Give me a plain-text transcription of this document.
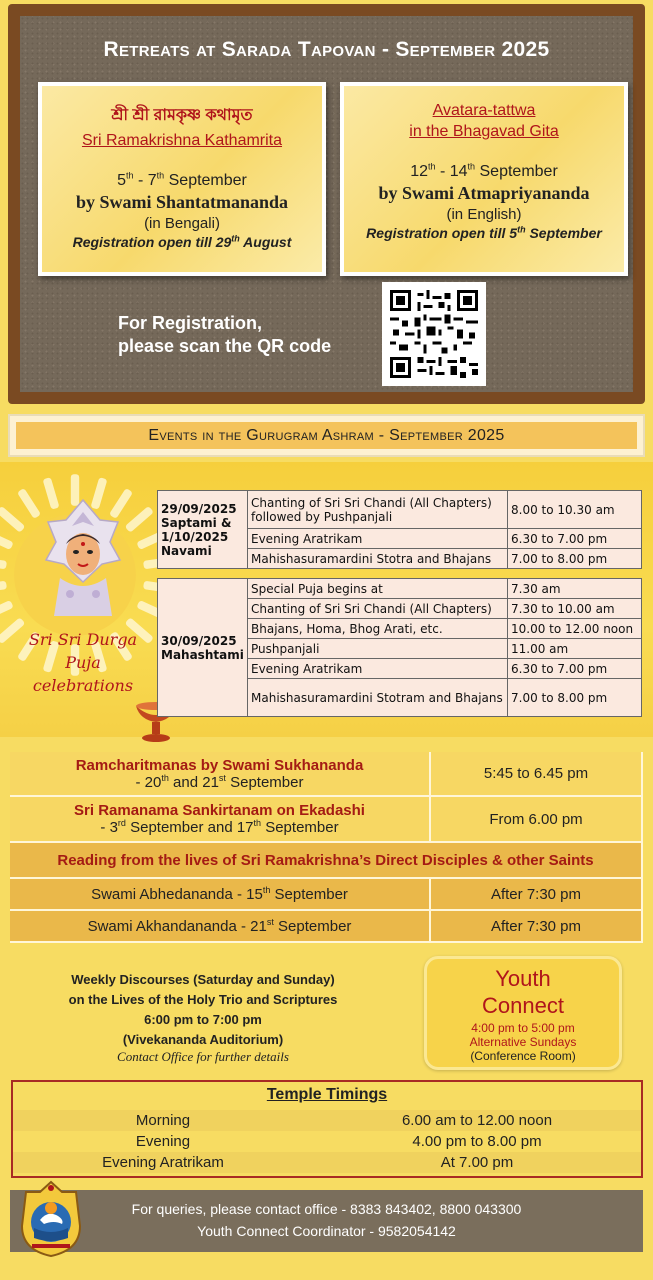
Retreats at Sarada Tapovan - September 2025
শ্রী শ্রী রামকৃষ্ণ কথামৃত
Sri Ramakrishna Kathamrita
5th - 7th September
by Swami Shantatmananda
(in Bengali)
Registration open till 29th August
Avatara-tattwa
in the Bhagavad Gita
12th - 14th September
by Swami Atmapriyananda
(in English)
Registration open till 5th September
For Registration,
please scan the QR code
Events in the Gurugram Ashram - September 2025
Sri Sri Durga
Puja
celebrations
29/09/2025
Saptami &
1/10/2025
Navami	Chanting of Sri Sri Chandi (All Chapters) followed by Pushpanjali	8.00 to 10.30 am
	Evening Aratrikam	6.30 to 7.00 pm
	Mahishasuramardini Stotra and Bhajans	7.00 to 8.00 pm
30/09/2025
Mahashtami	Special Puja begins at	7.30 am
	Chanting of Sri Sri Chandi (All Chapters)	7.30 to 10.00 am
	Bhajans, Homa, Bhog Arati, etc.	10.00 to 12.00 noon
	Pushpanjali	11.00 am
	Evening Aratrikam	6.30 to 7.00 pm
	Mahishasuramardini Stotram and Bhajans	7.00 to 8.00 pm
Ramcharitmanas by Swami Sukhananda
- 20th and 21st September	5:45 to 6.45 pm

Sri Ramanama Sankirtanam on Ekadashi
- 3rd September and 17th September	From 6.00 pm
Reading from the lives of Sri Ramakrishna’s Direct Disciples & other Saints	
Swami Abhedananda - 15th September	After 7:30 pm
Swami Akhandananda - 21st September	After 7:30 pm
Weekly Discourses (Saturday and Sunday)
on the Lives of the Holy Trio and Scriptures
6:00 pm to 7:00 pm
(Vivekananda Auditorium)
Contact Office for further details
Youth
Connect
4:00 pm to 5:00 pm
Alternative Sundays
(Conference Room)
Temple Timings
Morning	6.00 am to 12.00 noon
Evening	4.00 pm to 8.00 pm
Evening Aratrikam	At 7.00 pm
For queries, please contact office - 8383 843402, 8800 043300
Youth Connect Coordinator - 9582054142
